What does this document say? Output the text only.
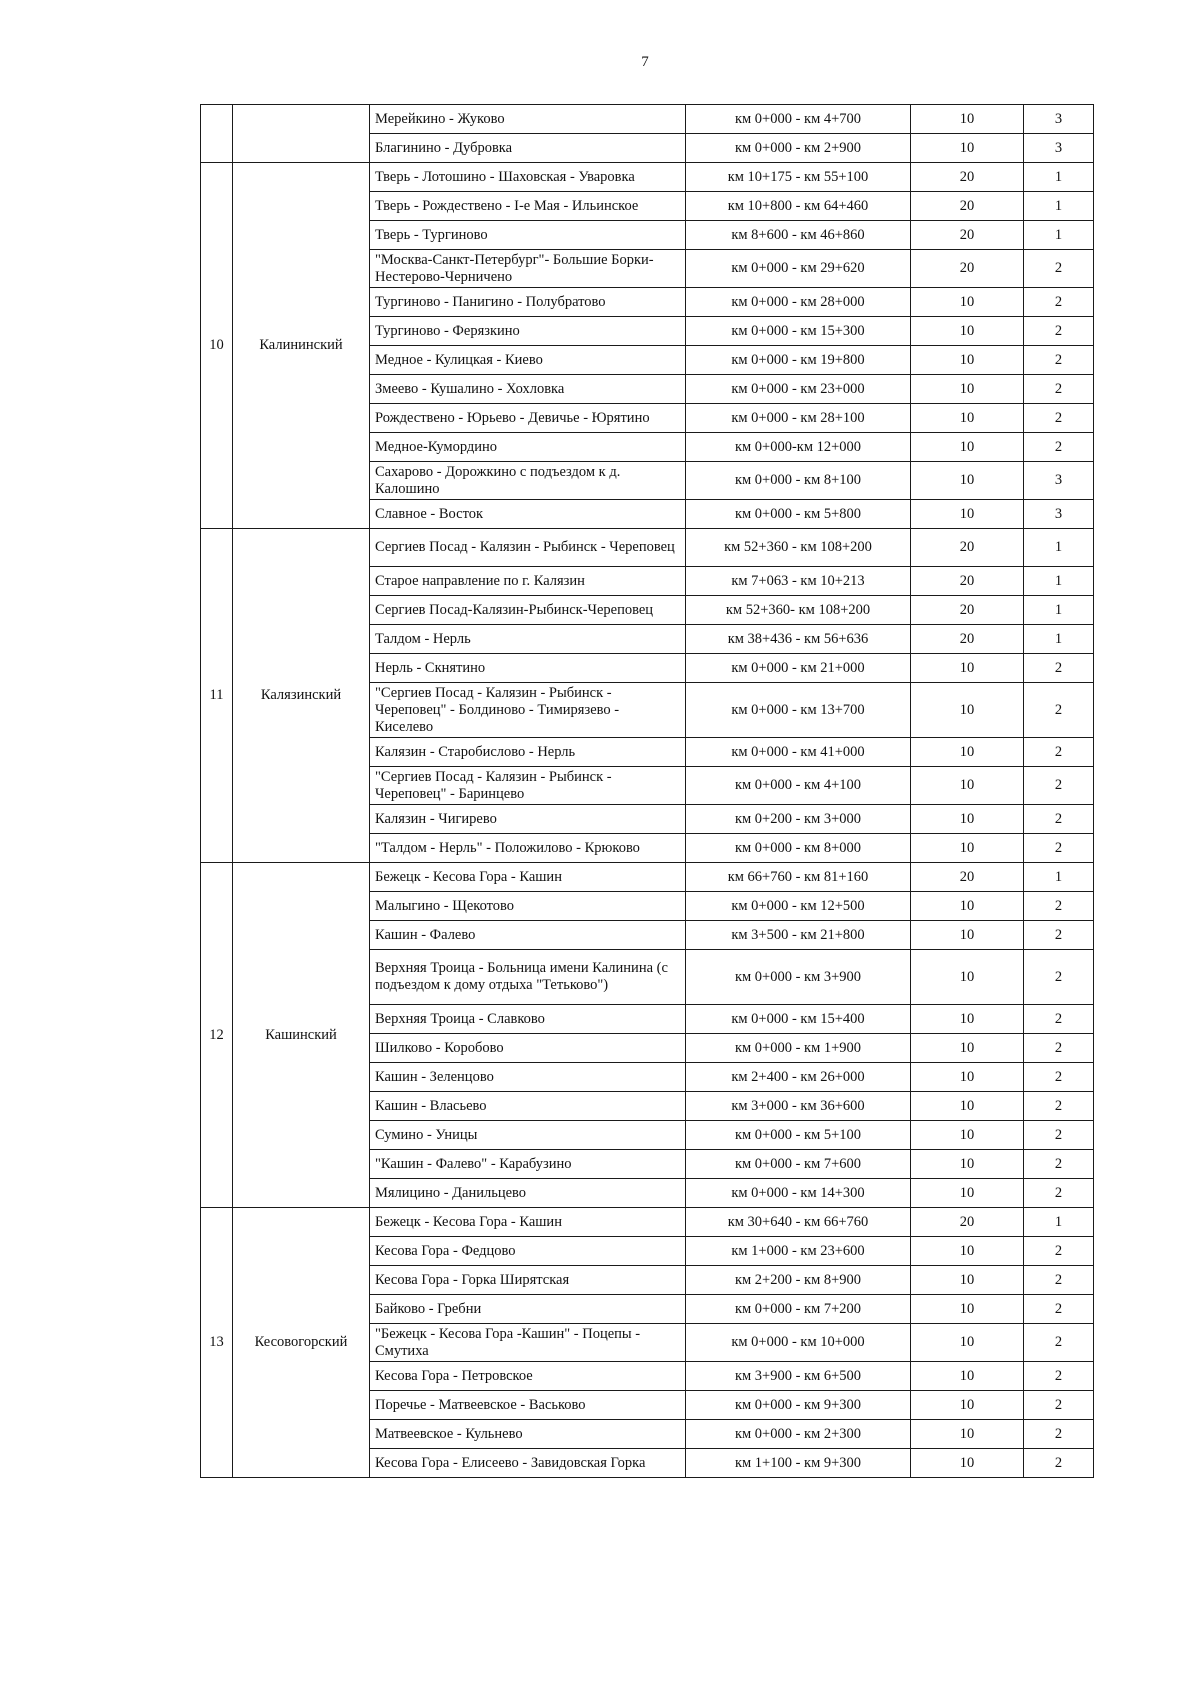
7
		Мерейкино - Жуково	км 0+000 - км 4+700	10	3
		Благинино - Дубровка	км 0+000 - км 2+900	10	3
10	Калининский	Тверь - Лотошино - Шаховская - Уваровка	км 10+175 - км 55+100	20	1
		Тверь - Рождествено - I-е Мая - Ильинское	км 10+800 - км 64+460	20	1
		Тверь - Тургиново	км 8+600 - км 46+860	20	1
		"Москва-Санкт-Петербург"- Большие Борки-Нестерово-Черничено	км 0+000 - км 29+620	20	2
		Тургиново - Панигино - Полубратово	км 0+000 - км 28+000	10	2
		Тургиново - Ферязкино	км 0+000 - км 15+300	10	2
		Медное - Кулицкая - Киево	км 0+000 - км 19+800	10	2
		Змеево - Кушалино - Хохловка	км 0+000 - км 23+000	10	2
		Рождествено - Юрьево - Девичье - Юрятино	км 0+000 - км 28+100	10	2
		Медное-Кумордино	км 0+000-км 12+000	10	2
		Сахарово - Дорожкино с подъездом к д. Калошино	км 0+000 - км 8+100	10	3
		Славное - Восток	км 0+000 - км 5+800	10	3
11	Калязинский	Сергиев Посад - Калязин - Рыбинск - Череповец	км 52+360 - км 108+200	20	1
		Старое направление по г. Калязин	км 7+063 - км 10+213	20	1
		Сергиев Посад-Калязин-Рыбинск-Череповец	км 52+360- км 108+200	20	1
		Талдом - Нерль	км 38+436 - км 56+636	20	1
		Нерль - Скнятино	км 0+000 - км 21+000	10	2
		"Сергиев Посад - Калязин - Рыбинск - Череповец" - Болдиново - Тимирязево - Киселево	км 0+000 - км 13+700	10	2
		Калязин - Старобислово - Нерль	км 0+000 - км 41+000	10	2
		"Сергиев Посад - Калязин - Рыбинск - Череповец" - Баринцево	км 0+000 - км 4+100	10	2
		Калязин - Чигирево	км 0+200 - км 3+000	10	2
		"Талдом - Нерль" - Положилово - Крюково	км 0+000 - км 8+000	10	2
12	Кашинский	Бежецк - Кесова Гора - Кашин	км 66+760 - км 81+160	20	1
		Малыгино - Щекотово	км 0+000 - км 12+500	10	2
		Кашин - Фалево	км 3+500 - км 21+800	10	2
		Верхняя Троица - Больница имени Калинина (с подъездом к дому отдыха "Тетьково")	км 0+000 - км 3+900	10	2
		Верхняя Троица - Славково	км 0+000 - км 15+400	10	2
		Шилково - Коробово	км 0+000 - км 1+900	10	2
		Кашин - Зеленцово	км 2+400 - км 26+000	10	2
		Кашин - Власьево	км 3+000 - км 36+600	10	2
		Сумино - Уницы	км 0+000 - км 5+100	10	2
		"Кашин - Фалево" - Карабузино	км 0+000 - км 7+600	10	2
		Мялицино - Данильцево	км 0+000 - км 14+300	10	2
13	Кесовогорский	Бежецк - Кесова Гора - Кашин	км 30+640 - км 66+760	20	1
		Кесова Гора - Федцово	км 1+000 - км 23+600	10	2
		Кесова Гора - Горка Ширятская	км 2+200 - км 8+900	10	2
		Байково - Гребни	км 0+000 - км 7+200	10	2
		"Бежецк - Кесова Гора -Кашин" - Поцепы - Смутиха	км 0+000 - км 10+000	10	2
		Кесова Гора - Петровское	км 3+900 - км 6+500	10	2
		Поречье - Матвеевское - Васьково	км 0+000 - км 9+300	10	2
		Матвеевское - Кульнево	км 0+000 - км 2+300	10	2
		Кесова Гора - Елисеево - Завидовская Горка	км 1+100 - км 9+300	10	2
